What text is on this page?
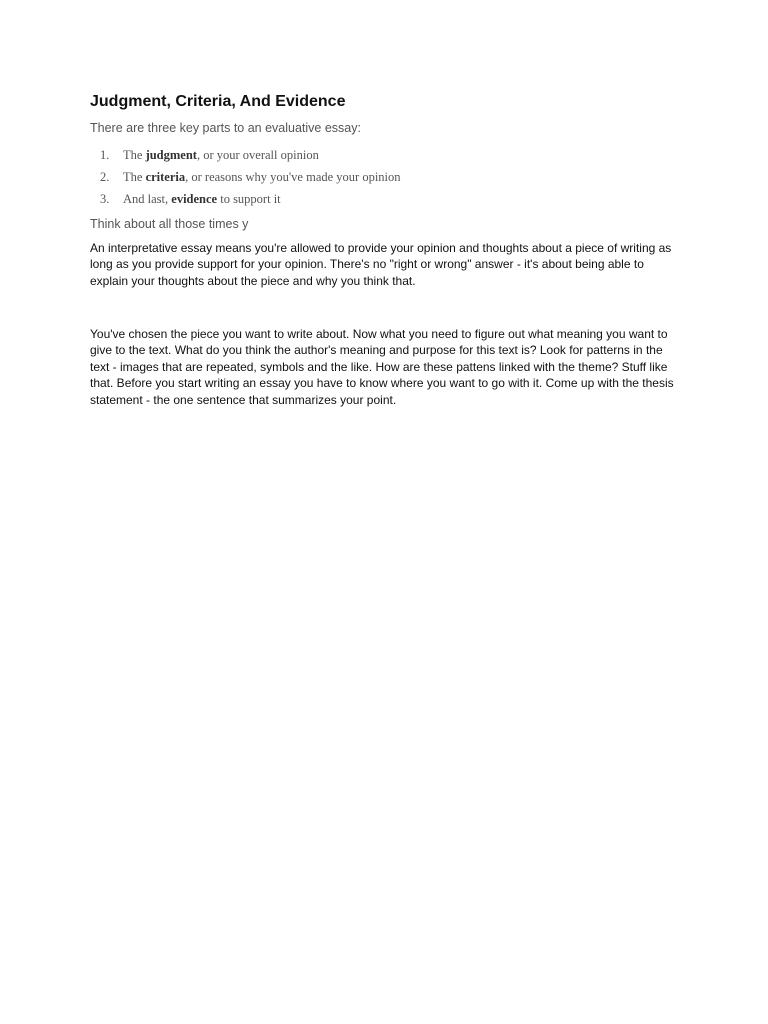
Judgment, Criteria, And Evidence

There are three key parts to an evaluative essay:

1. The judgment, or your overall opinion
2. The criteria, or reasons why you've made your opinion
3. And last, evidence to support it

Think about all those times y

An interpretative essay means you're allowed to provide your opinion and thoughts about a piece of writing as long as you provide support for your opinion. There's no "right or wrong" answer - it's about being able to explain your thoughts about the piece and why you think that.

You've chosen the piece you want to write about. Now what you need to figure out what meaning you want to give to the text. What do you think the author's meaning and purpose for this text is? Look for patterns in the text - images that are repeated, symbols and the like. How are these pattens linked with the theme? Stuff like that. Before you start writing an essay you have to know where you want to go with it. Come up with the thesis statement - the one sentence that summarizes your point.
